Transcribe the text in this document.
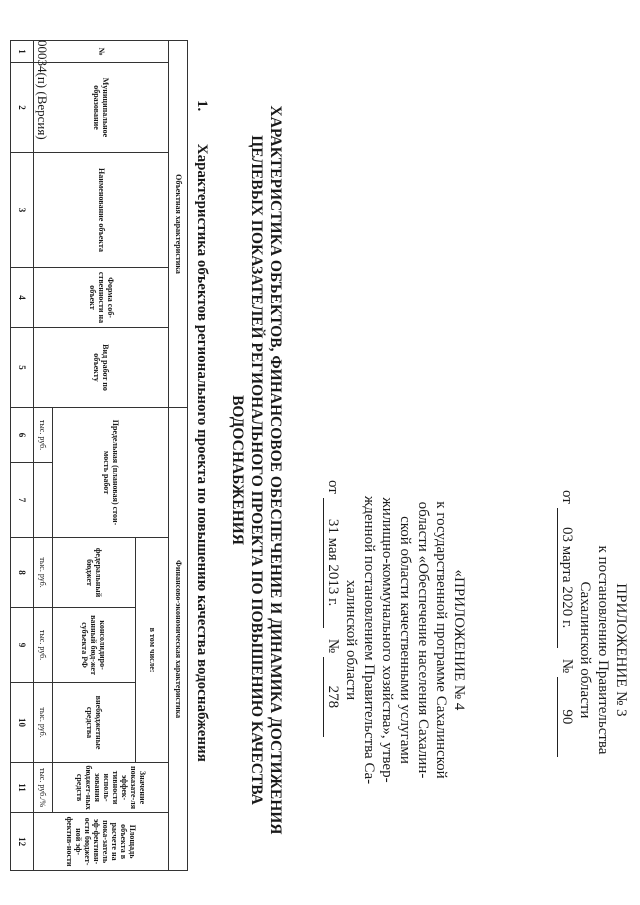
ПРИЛОЖЕНИЕ № 3
к постановлению Правительства
Сахалинской области
от 03 марта 2020 г.   № 90
«ПРИЛОЖЕНИЕ № 4
к государственной программе Сахалинской
области «Обеспечение населения Сахалин-
ской области качественными услугами
жилищно-коммунального хозяйства», утвер-
жденной постановлением Правительства Са-
халинской области
от 31 мая 2013 г.   № 278
ХАРАКТЕРИСТИКА ОБЪЕКТОВ, ФИНАНСОВОЕ ОБЕСПЕЧЕНИЕ И ДИНАМИКА ДОСТИЖЕНИЯ
ЦЕЛЕВЫХ ПОКАЗАТЕЛЕЙ РЕГИОНАЛЬНОГО ПРОЕКТА ПО ПОВЫШЕНИЮ КАЧЕСТВА
ВОДОСНАБЖЕНИЯ
1. Характеристика объектов регионального проекта по повышению качества водоснабжения
Объектная характеристика					Финансово-экономическая характеристика						
№	Муниципальное образование	Наименование объекта	Форма соб-ственности на объект	Вид работ по объекту	Предельная (плановая) стои-мость работ		в том числе:			Значение показате-ля эффек-тивности исполь-зования бюджет-ных средств	Площадь объекта в расчете на пока-затель эф-фективн-ости бюджет-ной эф-фектив-ности
							федеральный бюджет	консолидиро-ванный бюд-жет субъекта РФ	внебюджетные средства		
					тыс. руб.		тыс. руб.	тыс. руб.	тыс. руб.	тыс. руб./%	
1	2	3	4	5	6	7	8	9	10	11	12
00034(п) (Версия)
